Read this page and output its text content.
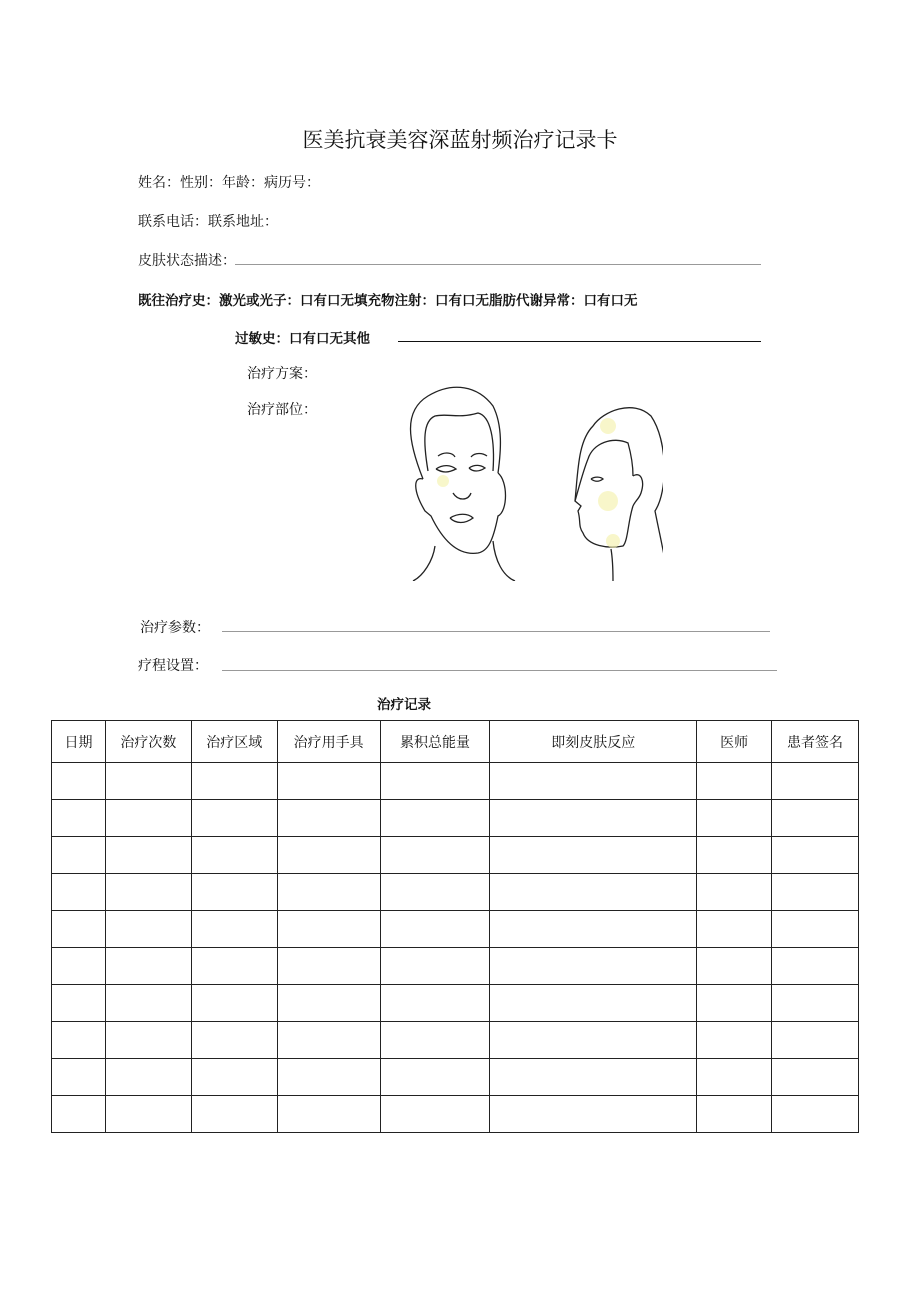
医美抗衰美容深蓝射频治疗记录卡
姓名：性别：年龄：病历号：
联系电话：联系地址：
皮肤状态描述：
既往治疗史：激光或光子：口有口无填充物注射：口有口无脂肪代谢异常：口有口无
过敏史：口有口无其他
治疗方案：
治疗部位：
治疗参数：
疗程设置：
治疗记录
日期	治疗次数	治疗区域	治疗用手具	累积总能量	即刻皮肤反应	医师	患者签名
